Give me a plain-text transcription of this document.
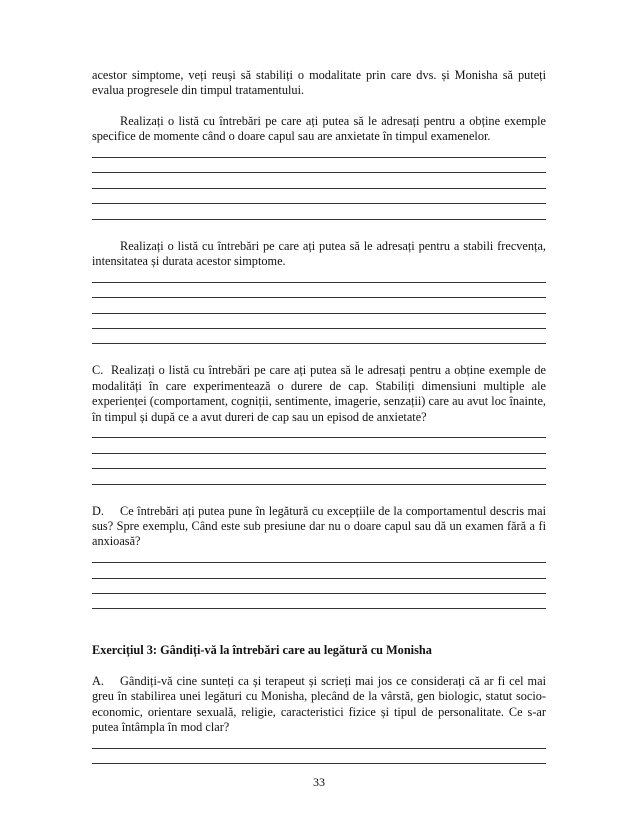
acestor simptome, veți reuși să stabiliți o modalitate prin care dvs. și Monisha să puteți evalua progresele din timpul tratamentului.

Realizați o listă cu întrebări pe care ați putea să le adresați pentru a obține exemple specifice de momente când o doare capul sau are anxietate în timpul examenelor.

Realizați o listă cu întrebări pe care ați putea să le adresați pentru a stabili frecvența, intensitatea și durata acestor simptome.

C. Realizați o listă cu întrebări pe care ați putea să le adresați pentru a obține exemple de modalități în care experimentează o durere de cap. Stabiliți dimensiuni multiple ale experienței (comportament, cogniții, sentimente, imagerie, senzații) care au avut loc înainte, în timpul și după ce a avut dureri de cap sau un episod de anxietate?

D. Ce întrebări ați putea pune în legătură cu excepțiile de la comportamentul descris mai sus? Spre exemplu, Când este sub presiune dar nu o doare capul sau dă un examen fără a fi anxioasă?

Exercițiul 3: Gândiți-vă la întrebări care au legătură cu Monisha

A. Gândiți-vă cine sunteți ca și terapeut și scrieți mai jos ce considerați că ar fi cel mai greu în stabilirea unei legături cu Monisha, plecând de la vârstă, gen biologic, statut socio-economic, orientare sexuală, religie, caracteristici fizice și tipul de personalitate. Ce s-ar putea întâmpla în mod clar?

33
